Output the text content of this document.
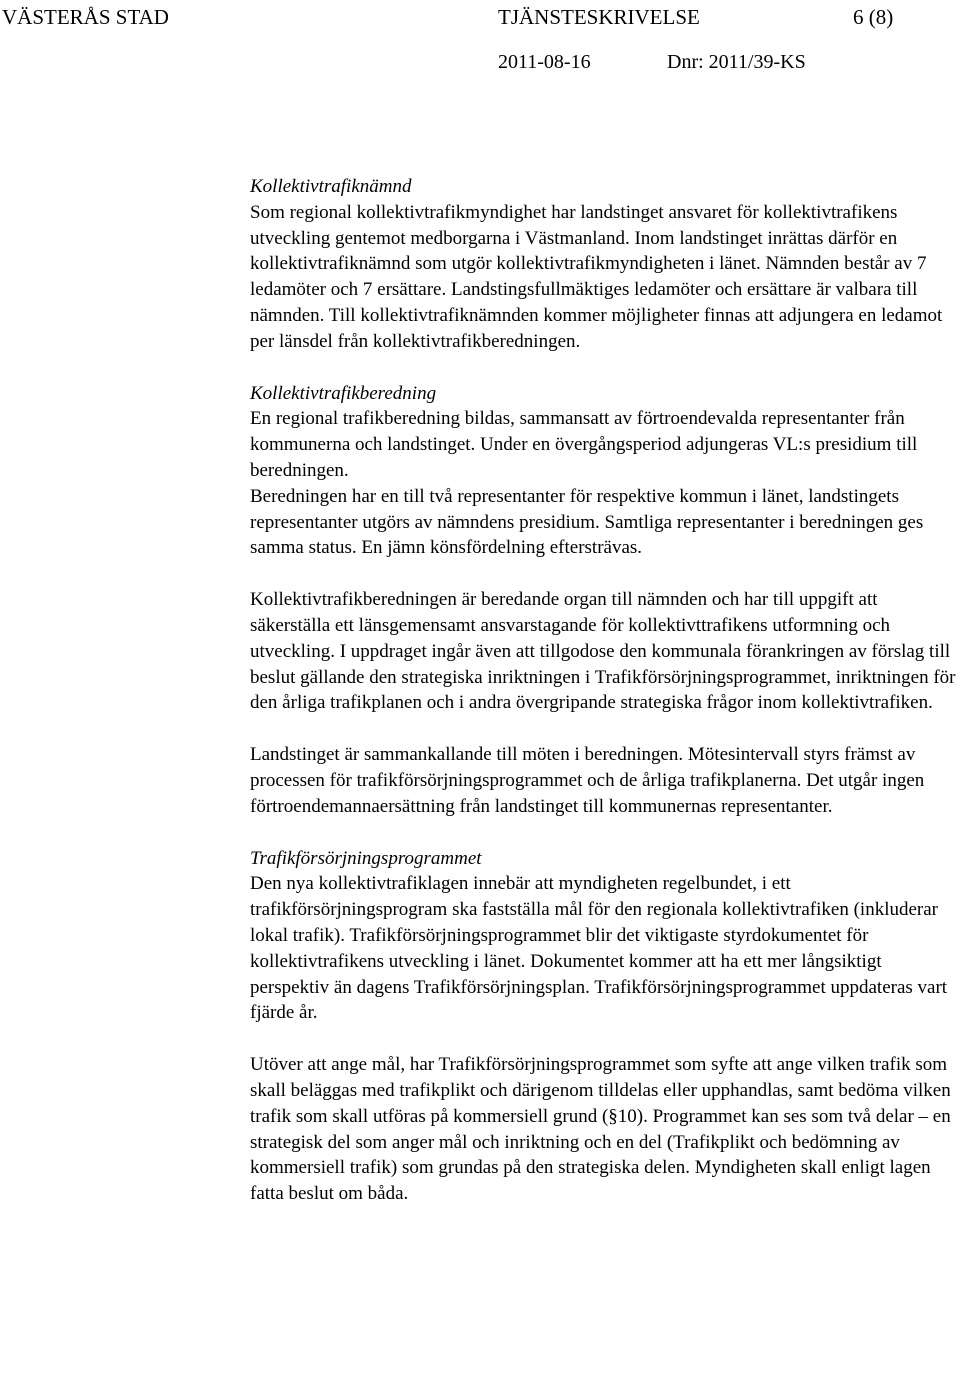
VÄSTERÅS STAD	TJÄNSTESKRIVELSE	6 (8)
2011-08-16	Dnr: 2011/39-KS

Kollektivtrafiknämnd

Som regional kollektivtrafikmyndighet har landstinget ansvaret för kollektivtrafikens utveckling gentemot medborgarna i Västmanland. Inom landstinget inrättas därför en kollektivtrafiknämnd som utgör kollektivtrafikmyndigheten i länet. Nämnden består av 7 ledamöter och 7 ersättare. Landstingsfullmäktiges ledamöter och ersättare är valbara till nämnden. Till kollektivtrafiknämnden kommer möjligheter finnas att adjungera en ledamot per länsdel från kollektivtrafikberedningen.

Kollektivtrafikberedning

En regional trafikberedning bildas, sammansatt av förtroendevalda representanter från kommunerna och landstinget. Under en övergångsperiod adjungeras VL:s presidium till beredningen.

Beredningen har en till två representanter för respektive kommun i länet, landstingets representanter utgörs av nämndens presidium. Samtliga representanter i beredningen ges samma status. En jämn könsfördelning eftersträvas.

Kollektivtrafikberedningen är beredande organ till nämnden och har till uppgift att säkerställa ett länsgemensamt ansvarstagande för kollektivttrafikens utformning och utveckling. I uppdraget ingår även att tillgodose den kommunala förankringen av förslag till beslut gällande den strategiska inriktningen i Trafikförsörjningsprogrammet, inriktningen för den årliga trafikplanen och i andra övergripande strategiska frågor inom kollektivtrafiken.

Landstinget är sammankallande till möten i beredningen. Mötesintervall styrs främst av processen för trafikförsörjningsprogrammet och de årliga trafikplanerna. Det utgår ingen förtroendemannaersättning från landstinget till kommunernas representanter.

Trafikförsörjningsprogrammet

Den nya kollektivtrafiklagen innebär att myndigheten regelbundet, i ett trafikförsörjningsprogram ska fastställa mål för den regionala kollektivtrafiken (inkluderar lokal trafik). Trafikförsörjningsprogrammet blir det viktigaste styrdokumentet för kollektivtrafikens utveckling i länet. Dokumentet kommer att ha ett mer långsiktigt perspektiv än dagens Trafikförsörjningsplan. Trafikförsörjningsprogrammet uppdateras vart fjärde år.

Utöver att ange mål, har Trafikförsörjningsprogrammet som syfte att ange vilken trafik som skall beläggas med trafikplikt och därigenom tilldelas eller upphandlas, samt bedöma vilken trafik som skall utföras på kommersiell grund (§10). Programmet kan ses som två delar – en strategisk del som anger mål och inriktning och en del (Trafikplikt och bedömning av kommersiell trafik) som grundas på den strategiska delen. Myndigheten skall enligt lagen fatta beslut om båda.
